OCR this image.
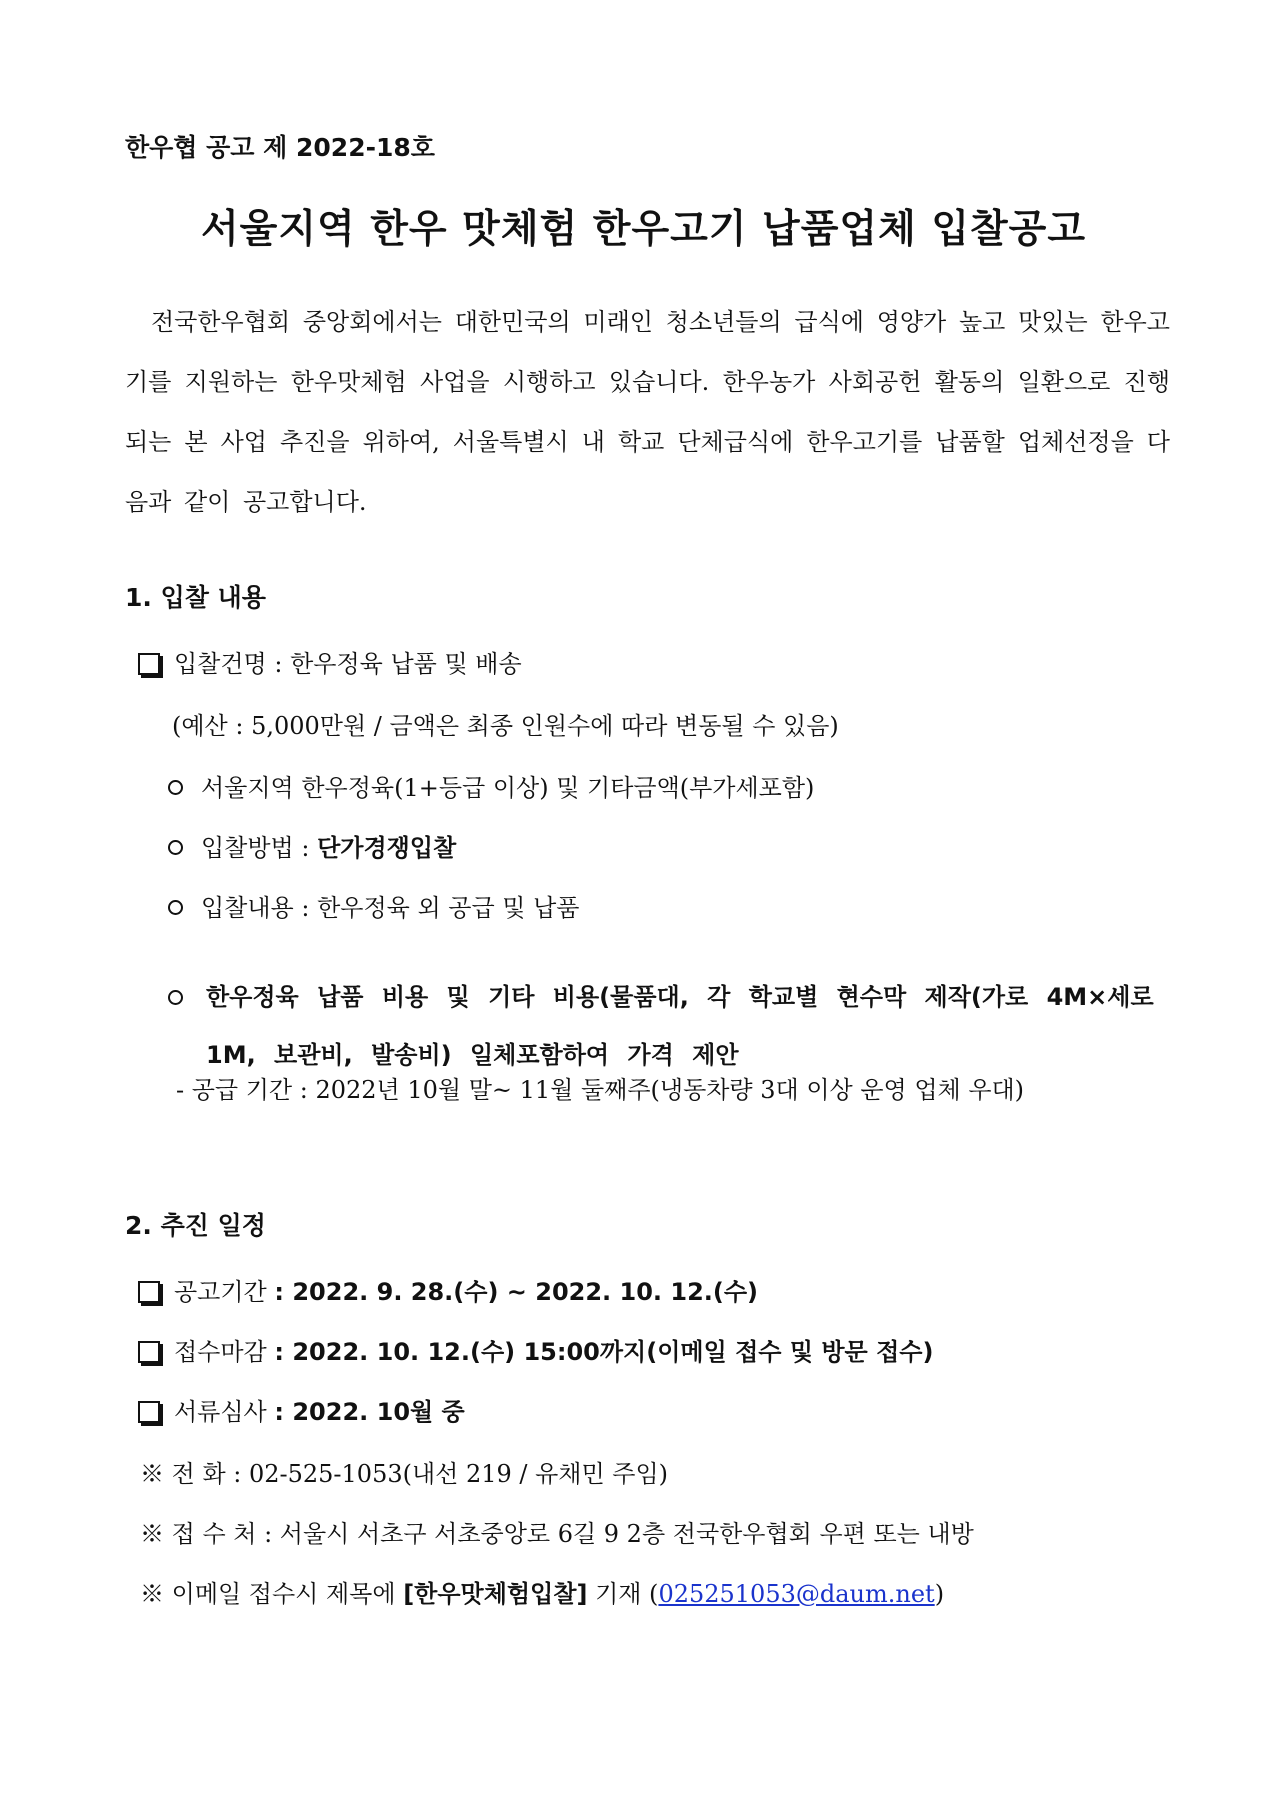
한우협 공고 제 2022-18호
서울지역 한우 맛체험 한우고기 납품업체 입찰공고
전국한우협회 중앙회에서는 대한민국의 미래인 청소년들의 급식에 영양가 높고 맛있는 한우고기를 지원하는 한우맛체험 사업을 시행하고 있습니다. 한우농가 사회공헌 활동의 일환으로 진행되는 본 사업 추진을 위하여, 서울특별시 내 학교 단체급식에 한우고기를 납품할 업체선정을 다음과 같이 공고합니다.
1. 입찰 내용
입찰건명 : 한우정육 납품 및 배송
(예산 : 5,000만원 / 금액은 최종 인원수에 따라 변동될 수 있음)
서울지역 한우정육(1+등급 이상) 및 기타금액(부가세포함)
입찰방법 : 단가경쟁입찰
입찰내용 : 한우정육 외 공급 및 납품
한우정육 납품 비용 및 기타 비용(물품대, 각 학교별 현수막 제작(가로 4M×세로1M, 보관비, 발송비) 일체포함하여 가격 제안
- 공급 기간 : 2022년 10월 말~ 11월 둘째주(냉동차량 3대 이상 운영 업체 우대)
2. 추진 일정
공고기간 : 2022. 9. 28.(수) ~ 2022. 10. 12.(수)
접수마감 : 2022. 10. 12.(수) 15:00까지(이메일 접수 및 방문 접수)
서류심사 : 2022. 10월 중
※ 전 화 : 02-525-1053(내선 219 / 유채민 주임)
※ 접 수 처 : 서울시 서초구 서초중앙로 6길 9 2층 전국한우협회 우편 또는 내방
※ 이메일 접수시 제목에 [한우맛체험입찰] 기재 (025251053@daum.net)
